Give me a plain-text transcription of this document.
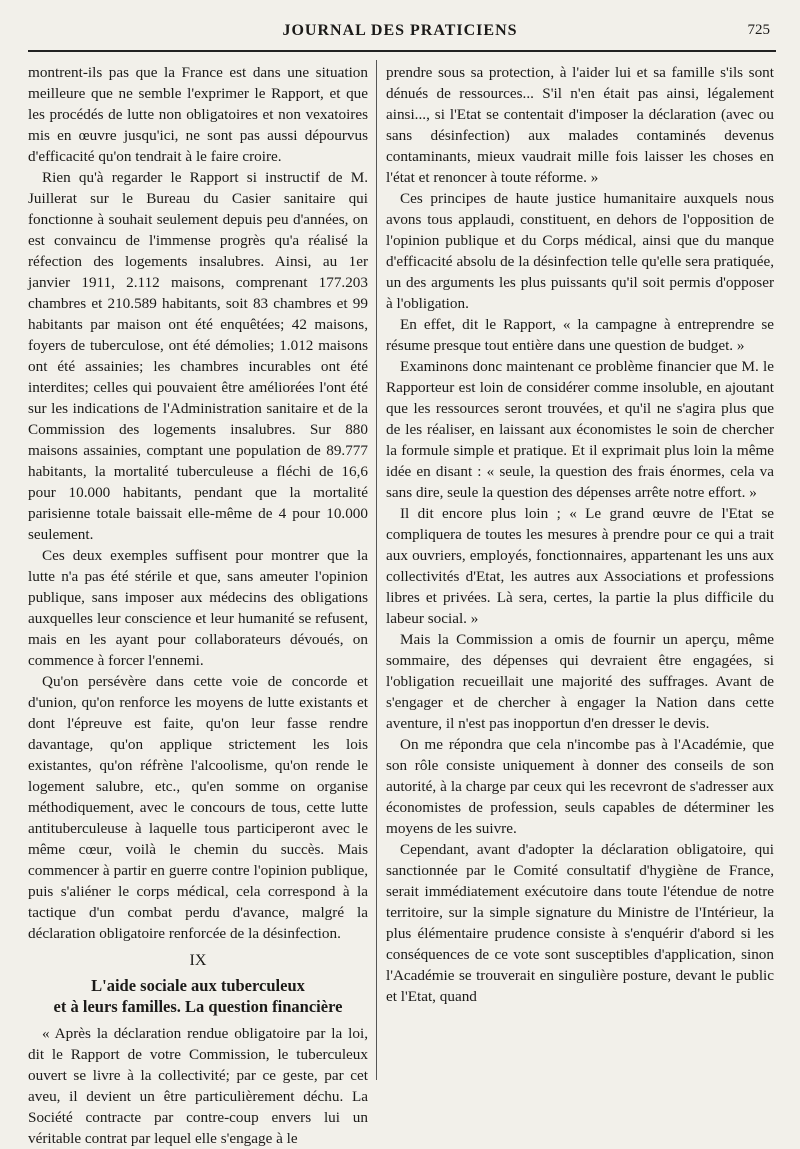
JOURNAL DES PRATICIENS	725

montrent-ils pas que la France est dans une situation meilleure que ne semble l'exprimer le Rapport, et que les procédés de lutte non obligatoires et non vexatoires mis en œuvre jusqu'ici, ne sont pas aussi dépourvus d'efficacité qu'on tendrait à le faire croire.

Rien qu'à regarder le Rapport si instructif de M. Juillerat sur le Bureau du Casier sanitaire qui fonctionne à souhait seulement depuis peu d'années, on est convaincu de l'immense progrès qu'a réalisé la réfection des logements insalubres. Ainsi, au 1er janvier 1911, 2.112 maisons, comprenant 177.203 chambres et 210.589 habitants, soit 83 chambres et 99 habitants par maison ont été enquêtées; 42 maisons, foyers de tuberculose, ont été démolies; 1.012 maisons ont été assainies; les chambres incurables ont été interdites; celles qui pouvaient être améliorées l'ont été sur les indications de l'Administration sanitaire et de la Commission des logements insalubres. Sur 880 maisons assainies, comptant une population de 89.777 habitants, la mortalité tuberculeuse a fléchi de 16,6 pour 10.000 habitants, pendant que la mortalité parisienne totale baissait elle-même de 4 pour 10.000 seulement.

Ces deux exemples suffisent pour montrer que la lutte n'a pas été stérile et que, sans ameuter l'opinion publique, sans imposer aux médecins des obligations auxquelles leur conscience et leur humanité se refusent, mais en les ayant pour collaborateurs dévoués, on commence à forcer l'ennemi.

Qu'on persévère dans cette voie de concorde et d'union, qu'on renforce les moyens de lutte existants et dont l'épreuve est faite, qu'on leur fasse rendre davantage, qu'on applique strictement les lois existantes, qu'on réfrène l'alcoolisme, qu'on rende le logement salubre, etc., qu'en somme on organise méthodiquement, avec le concours de tous, cette lutte antituberculeuse à laquelle tous participeront avec le même cœur, voilà le chemin du succès. Mais commencer à partir en guerre contre l'opinion publique, puis s'aliéner le corps médical, cela correspond à la tactique d'un combat perdu d'avance, malgré la déclaration obligatoire renforcée de la désinfection.

IX
L'aide sociale aux tuberculeux
et à leurs familles. La question financière

« Après la déclaration rendue obligatoire par la loi, dit le Rapport de votre Commission, le tuberculeux ouvert se livre à la collectivité; par ce geste, par cet aveu, il devient un être particulièrement déchu. La Société contracte par contre-coup envers lui un véritable contrat par lequel elle s'engage à le

prendre sous sa protection, à l'aider lui et sa famille s'ils sont dénués de ressources... S'il n'en était pas ainsi, légalement ainsi..., si l'Etat se contentait d'imposer la déclaration (avec ou sans désinfection) aux malades contaminés devenus contaminants, mieux vaudrait mille fois laisser les choses en l'état et renoncer à toute réforme. »

Ces principes de haute justice humanitaire auxquels nous avons tous applaudi, constituent, en dehors de l'opposition de l'opinion publique et du Corps médical, ainsi que du manque d'efficacité absolu de la désinfection telle qu'elle sera pratiquée, un des arguments les plus puissants qu'il soit permis d'opposer à l'obligation.

En effet, dit le Rapport, « la campagne à entreprendre se résume presque tout entière dans une question de budget. »

Examinons donc maintenant ce problème financier que M. le Rapporteur est loin de considérer comme insoluble, en ajoutant que les ressources seront trouvées, et qu'il ne s'agira plus que de les réaliser, en laissant aux économistes le soin de chercher la formule simple et pratique. Et il exprimait plus loin la même idée en disant : « seule, la question des frais énormes, cela va sans dire, seule la question des dépenses arrête notre effort. »

Il dit encore plus loin ; « Le grand œuvre de l'Etat se compliquera de toutes les mesures à prendre pour ce qui a trait aux ouvriers, employés, fonctionnaires, appartenant les uns aux collectivités d'Etat, les autres aux Associations et professions libres et privées. Là sera, certes, la partie la plus difficile du labeur social. »

Mais la Commission a omis de fournir un aperçu, même sommaire, des dépenses qui devraient être engagées, si l'obligation recueillait une majorité des suffrages. Avant de s'engager et de chercher à engager la Nation dans cette aventure, il n'est pas inopportun d'en dresser le devis.

On me répondra que cela n'incombe pas à l'Académie, que son rôle consiste uniquement à donner des conseils de son autorité, à la charge par ceux qui les recevront de s'adresser aux économistes de profession, seuls capables de déterminer les moyens de les suivre.

Cependant, avant d'adopter la déclaration obligatoire, qui sanctionnée par le Comité consultatif d'hygiène de France, serait immédiatement exécutoire dans toute l'étendue de notre territoire, sur la simple signature du Ministre de l'Intérieur, la plus élémentaire prudence consiste à s'enquérir d'abord si les conséquences de ce vote sont susceptibles d'application, sinon l'Académie se trouverait en singulière posture, devant le public et l'Etat, quand
